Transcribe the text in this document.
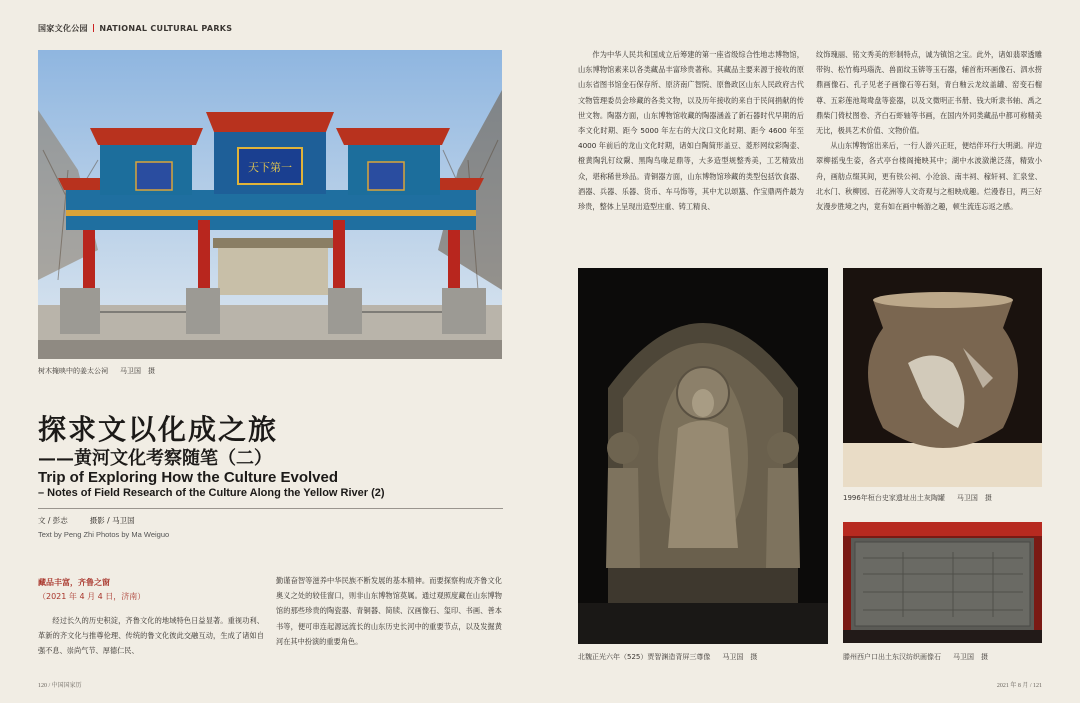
国家文化公园 NATIONAL CULTURAL PARKS
天下第一
树木掩映中的姜太公祠 马卫国　摄
探求文以化成之旅
——黄河文化考察随笔（二）
Trip of Exploring How the Culture Evolved
– Notes of Field Research of the Culture Along the Yellow River (2)
文 / 彭志	摄影 / 马卫国
Text by Peng Zhi Photos by Ma Weiguo
藏品丰富，齐鲁之窗
（2021 年 4 月 4 日，济南）

经过长久的历史积淀，齐鲁文化的地域特色日益显著。重视功利、革新的齐文化与推尊伦理、传统的鲁文化彼此交融互动，生成了诸如自强不息、崇尚气节、厚德仁民、

勤谨奋智等滋养中华民族不断发展的基本精神。而要探察构成齐鲁文化奥义之处的较佳窗口，则非山东博物馆莫属。通过观照度藏在山东博物馆的那些珍贵的陶瓷器、青铜器、简牍、汉画像石、玺印、书画、善本书等，便可串连起源远流长的山东历史长河中的重要节点，以及发掘黄河在其中扮演的重要角色。

作为中华人民共和国成立后筹建的第一座省级综合性地志博物馆，山东博物馆素来以各类藏品丰富珍贵著称。其藏品主要来源于接收的原山东省图书馆金石保存所、原济南广智院、原鲁政区山东人民政府古代文物管理委员会珍藏的各类文物，以及历年接收的来自于民间捐献的传世文物。陶器方面，山东博物馆收藏的陶器涵盖了新石器时代早期的后李文化时期、距今 5000 年左右的大汶口文化时期、距今 4600 年至 4000 年前后的龙山文化时期，诸如白陶简形盖豆、菱形网纹彩陶壶、橙黄陶乳钉纹鬶、黑陶鸟喙足鼎等，大多造型规整秀美，工艺精致出众，堪称稀世珍品。青铜器方面，山东博物馆珍藏的类型包括饮食器、酒器、兵器、乐器、货币、车马饰等，其中尤以颂簋、作宝鼎两件最为珍贵，整体上呈现出造型庄重、铸工精良、

纹饰瑰丽、铭文秀美的形制特点，诚为镇馆之宝。此外，诸如翡翠透雕带钩、松竹梅玛瑙洗、兽面纹玉锛等玉石器，辅首衔环画像石、泗水捞鼎画像石、孔子见老子画像石等石刻，青白釉云龙纹盖罐、窑变石榴尊、五彩莲池鸳鸯盘等瓷器，以及文微明正书册、钱大昕隶书轴、禹之鼎柴门倚杖图卷、齐白石虾轴等书画，在国内外同类藏品中都可称精美无比，极具艺术价值、文物价值。

从山东博物馆出来后，一行人游兴正旺，便结伴环行大明湖。岸边翠柳摇曳生姿，各式亭台楼阁掩映其中；湖中水波潋滟泛荡，精致小舟，画舫点缀其间，更有铁公祠、小沧浪、南丰祠、稼轩祠、汇泉堂、北水门、秋柳园、百花洲等人文奇观与之相映成趣。烂漫春日，两三好友漫步胜境之内，竟有如在画中畅游之趣，顿生流连忘返之感。

北魏正光六年（525）贾智渊造背屏三尊像 马卫国　摄
1996年桓台史家遗址出土灰陶罐 马卫国　摄
滕州西户口出土东汉纺织画像石 马卫国　摄
120 / 中国国家历	2021 年 8 月 / 121
